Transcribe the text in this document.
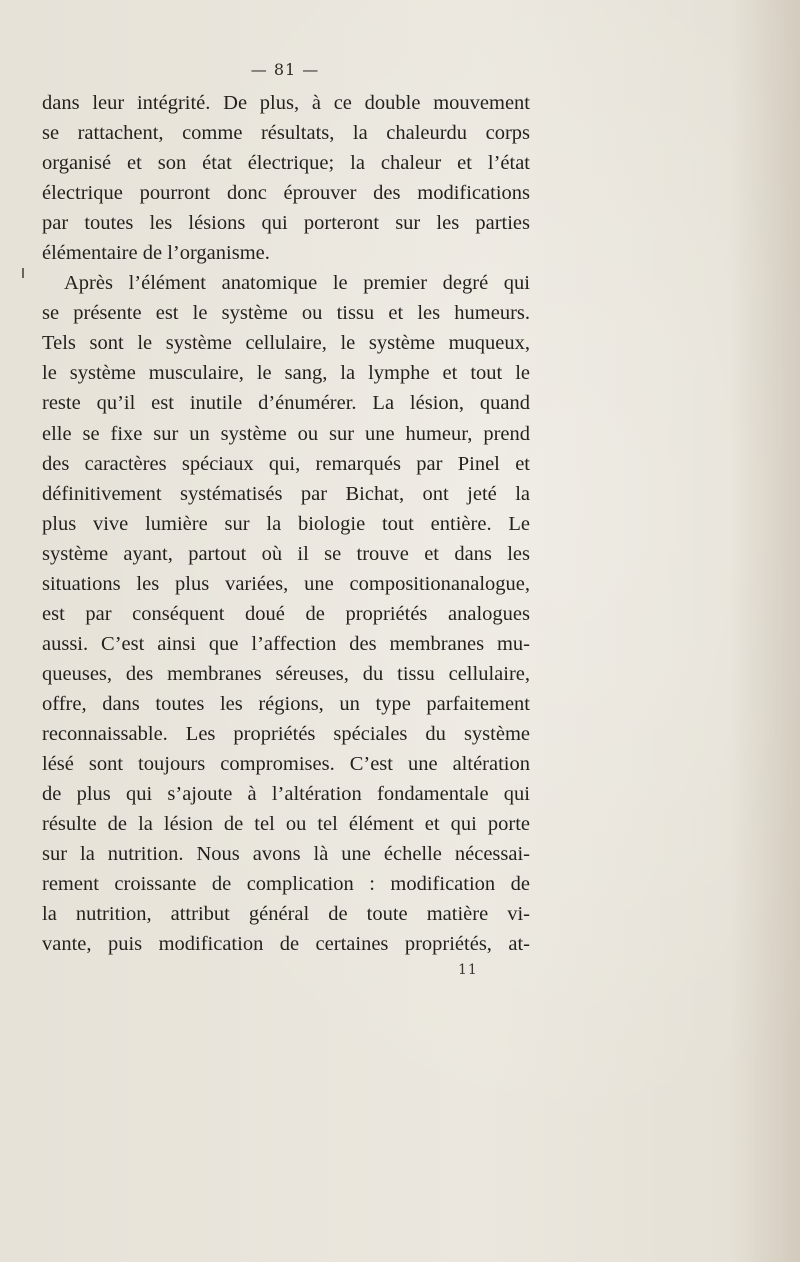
— 81 —
dans leur intégrité. De plus, à ce double mouvement
se rattachent, comme résultats, la chaleurdu corps
organisé et son état électrique; la chaleur et l’état
électrique pourront donc éprouver des modifications
par toutes les lésions qui porteront sur les parties
élémentaire de l’organisme.
Après l’élément anatomique le premier degré qui
se présente est le système ou tissu et les humeurs.
Tels sont le système cellulaire, le système muqueux,
le système musculaire, le sang, la lymphe et tout le
reste qu’il est inutile d’énumérer. La lésion, quand
elle se fixe sur un système ou sur une humeur, prend
des caractères spéciaux qui, remarqués par Pinel et
définitivement systématisés par Bichat, ont jeté la
plus vive lumière sur la biologie tout entière. Le
système ayant, partout où il se trouve et dans les
situations les plus variées, une compositionanalogue,
est par conséquent doué de propriétés analogues
aussi. C’est ainsi que l’affection des membranes mu-
queuses, des membranes séreuses, du tissu cellulaire,
offre, dans toutes les régions, un type parfaitement
reconnaissable. Les propriétés spéciales du système
lésé sont toujours compromises. C’est une altération
de plus qui s’ajoute à l’altération fondamentale qui
résulte de la lésion de tel ou tel élément et qui porte
sur la nutrition. Nous avons là une échelle nécessai-
rement croissante de complication : modification de
la nutrition, attribut général de toute matière vi-
vante, puis modification de certaines propriétés, at-
11
